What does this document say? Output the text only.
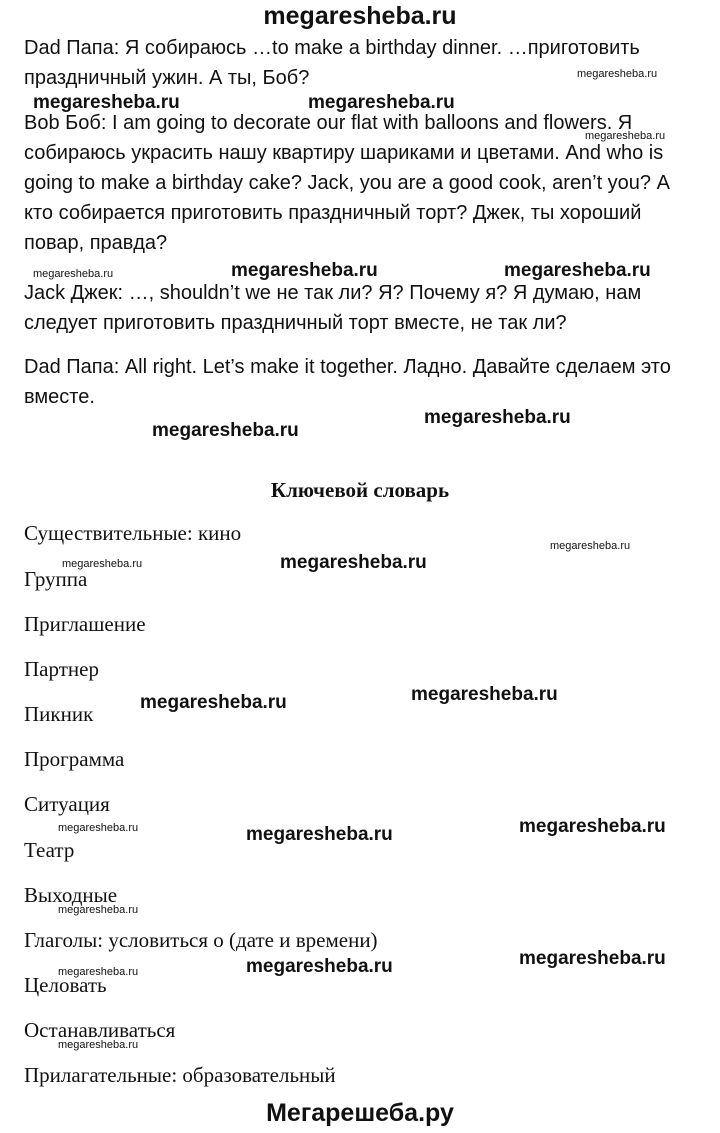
megaresheba.ru

Dad Папа: Я собираюсь …to make a birthday dinner. …приготовить праздничный ужин. А ты, Боб?

Bob Боб: I am going to decorate our flat with balloons and flowers. Я собираюсь украсить нашу квартиру шариками и цветами. And who is going to make a birthday cake? Jack, you are a good cook, aren’t you? А кто собирается приготовить праздничный торт? Джек, ты хороший повар, правда?

Jack Джек: …, shouldn’t we не так ли? Я? Почему я? Я думаю, нам следует приготовить праздничный торт вместе, не так ли?

Dad Папа: All right. Let’s make it together. Ладно. Давайте сделаем это вместе.

Ключевой словарь
Существительные: кино
Группа
Приглашение
Партнер
Пикник
Программа
Ситуация
Театр
Выходные
Глаголы: условиться о (дате и времени)
Целовать
Останавливаться
Прилагательные: образовательный
megaresheba.ru	megaresheba.ru
megaresheba.ru	megaresheba.ru
megaresheba.ru
megaresheba.ru
megaresheba.ru
megaresheba.ru
megaresheba.ru
megaresheba.ru
megaresheba.ru
megaresheba.ru
megaresheba.ru
megaresheba.ru
megaresheba.ru
megaresheba.ru
megaresheba.ru
megaresheba.ru
megaresheba.ru
megaresheba.ru
megaresheba.ru
megaresheba.ru
Мегарешеба.ру
